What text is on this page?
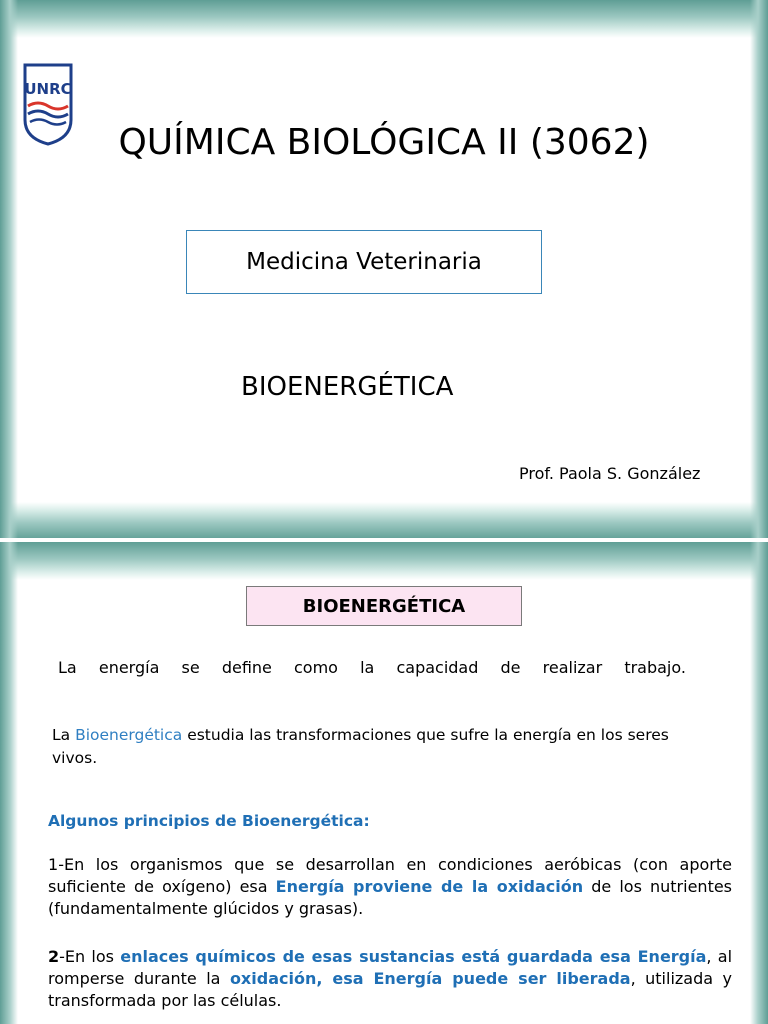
UNRC
QUÍMICA BIOLÓGICA II (3062)
Medicina Veterinaria
BIOENERGÉTICA
Prof. Paola S. González
BIOENERGÉTICA
La energía se define como la capacidad de realizar trabajo.
La Bioenergética estudia las transformaciones que sufre la energía en los seres vivos.
Algunos principios de Bioenergética:
1-En los organismos que se desarrollan en condiciones aeróbicas (con aporte suficiente de oxígeno) esa Energía proviene de la oxidación de los nutrientes (fundamentalmente glúcidos y grasas).
2-En los enlaces químicos de esas sustancias está guardada esa Energía, al romperse durante la oxidación, esa Energía puede ser liberada, utilizada y transformada por las células.
